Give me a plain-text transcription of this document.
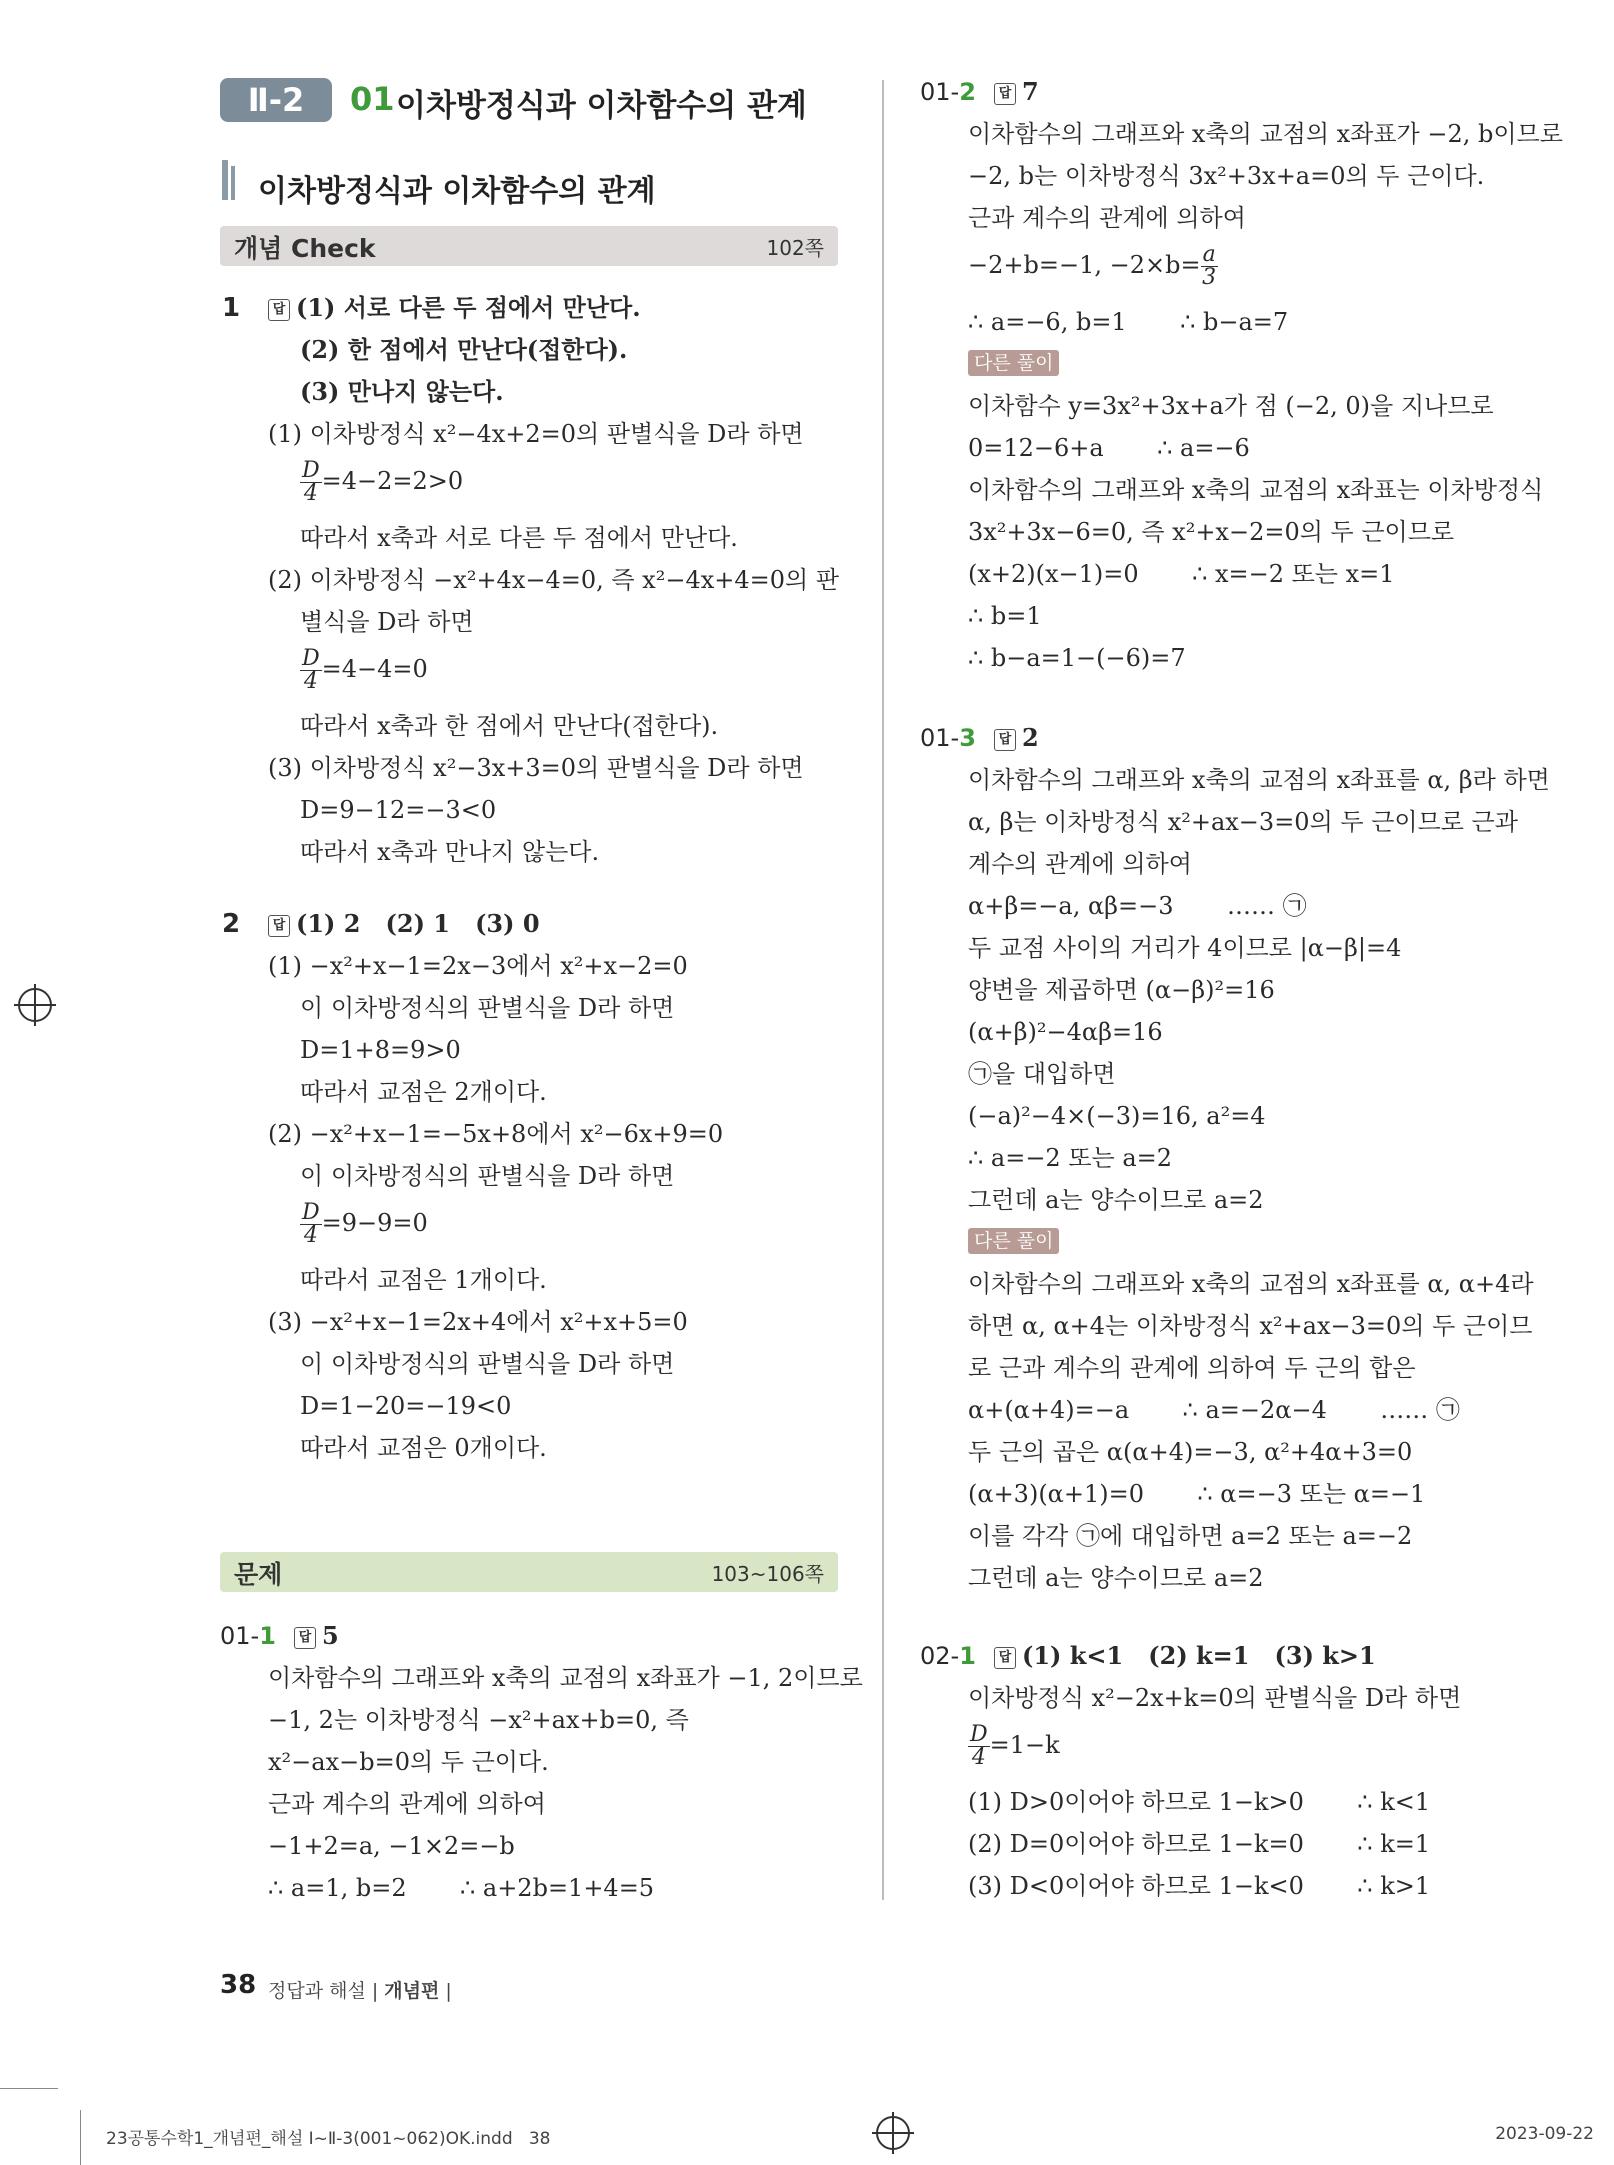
Ⅱ-2	01 이차방정식과 이차함수의 관계
이차방정식과 이차함수의 관계
개념 Check	102쪽
1	답 (1) 서로 다른 두 점에서 만난다.
(2) 한 점에서 만난다(접한다).
(3) 만나지 않는다.
(1) 이차방정식 x²−4x+2=0의 판별식을 D라 하면
$\frac{D}{4} =4-2=2>0$
따라서 x축과 서로 다른 두 점에서 만난다.
(2) 이차방정식 −x²+4x−4=0, 즉 x²−4x+4=0의 판
별식을 D라 하면
$\frac{D}{4} =4-4=0$
따라서 x축과 한 점에서 만난다(접한다).
(3) 이차방정식 x²−3x+3=0의 판별식을 D라 하면
D=9−12=−3<0
따라서 x축과 만나지 않는다.
2	답 (1) 2   (2) 1   (3) 0
(1) −x²+x−1=2x−3에서 x²+x−2=0
이 이차방정식의 판별식을 D라 하면
D=1+8=9>0
따라서 교점은 2개이다.
(2) −x²+x−1=−5x+8에서 x²−6x+9=0
이 이차방정식의 판별식을 D라 하면
$\frac{D}{4} =9-9=0$
따라서 교점은 1개이다.
(3) −x²+x−1=2x+4에서 x²+x+5=0
이 이차방정식의 판별식을 D라 하면
D=1−20=−19<0
따라서 교점은 0개이다.
문제	103~106쪽
01-1	답 5
이차함수의 그래프와 x축의 교점의 x좌표가 −1, 2이므로
−1, 2는 이차방정식 −x²+ax+b=0, 즉
x²−ax−b=0의 두 근이다.
근과 계수의 관계에 의하여
−1+2=a, −1×2=−b
∴ a=1, b=2       ∴ a+2b=1+4=5
01-2	답 7
이차함수의 그래프와 x축의 교점의 x좌표가 −2, b이므로
−2, b는 이차방정식 3x²+3x+a=0의 두 근이다.
근과 계수의 관계에 의하여
−2+b=−1, $-2\times b= \frac{a}{3}$
∴ a=−6, b=1       ∴ b−a=7
다른 풀이
이차함수 y=3x²+3x+a가 점 (−2, 0)을 지나므로
0=12−6+a       ∴ a=−6
이차함수의 그래프와 x축의 교점의 x좌표는 이차방정식
3x²+3x−6=0, 즉 x²+x−2=0의 두 근이므로
(x+2)(x−1)=0       ∴ x=−2 또는 x=1
∴ b=1
∴ b−a=1−(−6)=7
01-3	답 2
이차함수의 그래프와 x축의 교점의 x좌표를 α, β라 하면
α, β는 이차방정식 x²+ax−3=0의 두 근이므로 근과
계수의 관계에 의하여
α+β=−a, αβ=−3       …… ㉠
두 교점 사이의 거리가 4이므로 |α−β|=4
양변을 제곱하면 (α−β)²=16
(α+β)²−4αβ=16
㉠을 대입하면
(−a)²−4×(−3)=16, a²=4
∴ a=−2 또는 a=2
그런데 a는 양수이므로 a=2
다른 풀이
이차함수의 그래프와 x축의 교점의 x좌표를 α, α+4라
하면 α, α+4는 이차방정식 x²+ax−3=0의 두 근이므
로 근과 계수의 관계에 의하여 두 근의 합은
α+(α+4)=−a       ∴ a=−2α−4       …… ㉠
두 근의 곱은 α(α+4)=−3, α²+4α+3=0
(α+3)(α+1)=0       ∴ α=−3 또는 α=−1
이를 각각 ㉠에 대입하면 a=2 또는 a=−2
그런데 a는 양수이므로 a=2
02-1	답 (1) k<1   (2) k=1   (3) k>1
이차방정식 x²−2x+k=0의 판별식을 D라 하면
$\frac{D}{4} =1-k$
(1) D>0이어야 하므로 1−k>0       ∴ k<1
(2) D=0이어야 하므로 1−k=0       ∴ k=1
(3) D<0이어야 하므로 1−k<0       ∴ k>1
38 정답과 해설 | 개념편 |
23공통수학1_개념편_해설 Ⅰ~Ⅱ-3(001~062)OK.indd   38	2023-09-22
